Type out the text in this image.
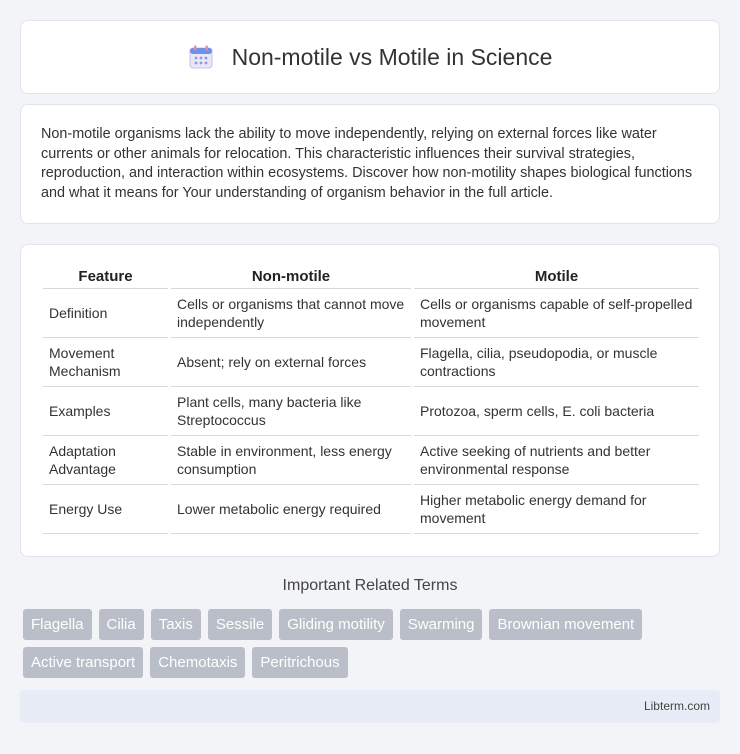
Non-motile vs Motile in Science

Non-motile organisms lack the ability to move independently, relying on external forces like water currents or other animals for relocation. This characteristic influences their survival strategies, reproduction, and interaction within ecosystems. Discover how non-motility shapes biological functions and what it means for Your understanding of organism behavior in the full article.

Feature	Non-motile	Motile
Definition	Cells or organisms that cannot move independently	Cells or organisms capable of self-propelled movement
Movement Mechanism	Absent; rely on external forces	Flagella, cilia, pseudopodia, or muscle contractions
Examples	Plant cells, many bacteria like Streptococcus	Protozoa, sperm cells, E. coli bacteria
Adaptation Advantage	Stable in environment, less energy consumption	Active seeking of nutrients and better environmental response
Energy Use	Lower metabolic energy required	Higher metabolic energy demand for movement
Important Related Terms
Flagella	Cilia	Taxis	Sessile	Gliding motility	Swarming	Brownian movement
Active transport	Chemotaxis	Peritrichous
Libterm.com
